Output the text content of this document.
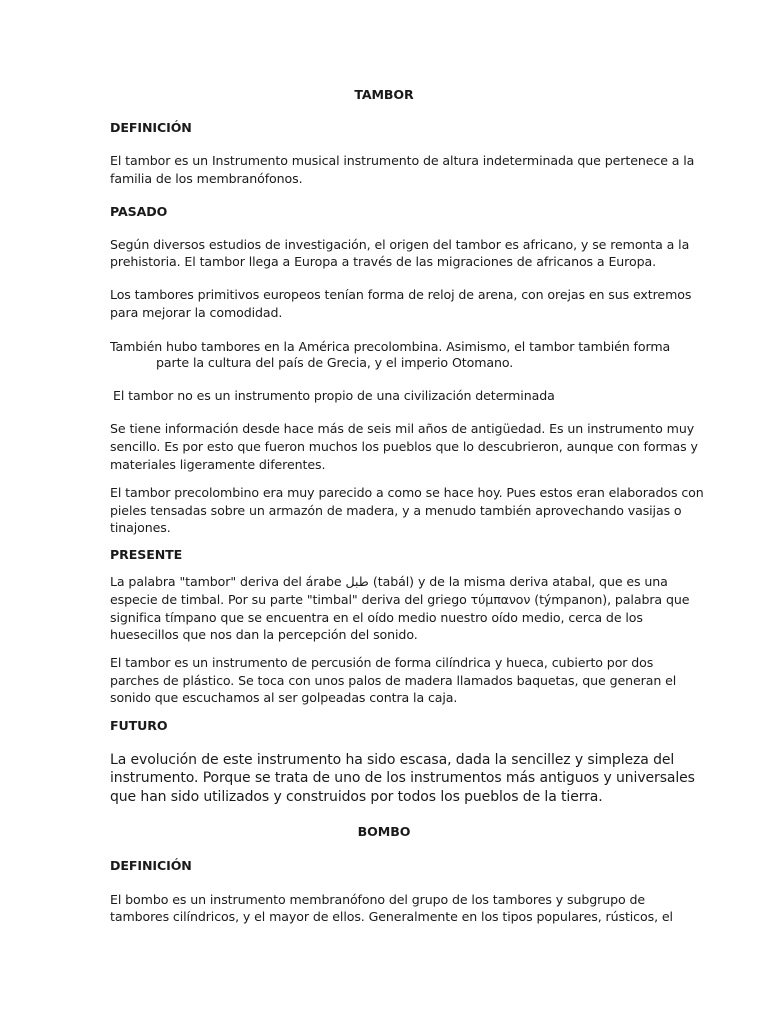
TAMBOR
DEFINICIÓN
El tambor es un Instrumento musical instrumento de altura indeterminada que pertenece a la
familia de los membranófonos.
PASADO
Según diversos estudios de investigación, el origen del tambor es africano, y se remonta a la
prehistoria. El tambor llega a Europa a través de las migraciones de africanos a Europa.
Los tambores primitivos europeos tenían forma de reloj de arena, con orejas en sus extremos
para mejorar la comodidad.
También hubo tambores en la América precolombina. Asimismo, el tambor también forma
parte la cultura del país de Grecia, y el imperio Otomano.
El tambor no es un instrumento propio de una civilización determinada
Se tiene información desde hace más de seis mil años de antigüedad. Es un instrumento muy
sencillo. Es por esto que fueron muchos los pueblos que lo descubrieron, aunque con formas y
materiales ligeramente diferentes.
El tambor precolombino era muy parecido a como se hace hoy. Pues estos eran elaborados con
pieles tensadas sobre un armazón de madera, y a menudo también aprovechando vasijas o
tinajones.
PRESENTE
La palabra "tambor" deriva del árabe طبل (tabál) y de la misma deriva atabal, que es una
especie de timbal. Por su parte "timbal" deriva del griego τύμπανον (týmpanon), palabra que
significa tímpano que se encuentra en el oído medio nuestro oído medio, cerca de los
huesecillos que nos dan la percepción del sonido.
El tambor es un instrumento de percusión de forma cilíndrica y hueca, cubierto por dos
parches de plástico. Se toca con unos palos de madera llamados baquetas, que generan el
sonido que escuchamos al ser golpeadas contra la caja.
FUTURO
La evolución de este instrumento ha sido escasa, dada la sencillez y simpleza del
instrumento. Porque se trata de uno de los instrumentos más antiguos y universales
que han sido utilizados y construidos por todos los pueblos de la tierra.
BOMBO
DEFINICIÓN
El bombo es un instrumento membranófono del grupo de los tambores y subgrupo de
tambores cilíndricos, y el mayor de ellos. Generalmente en los tipos populares, rústicos, el
